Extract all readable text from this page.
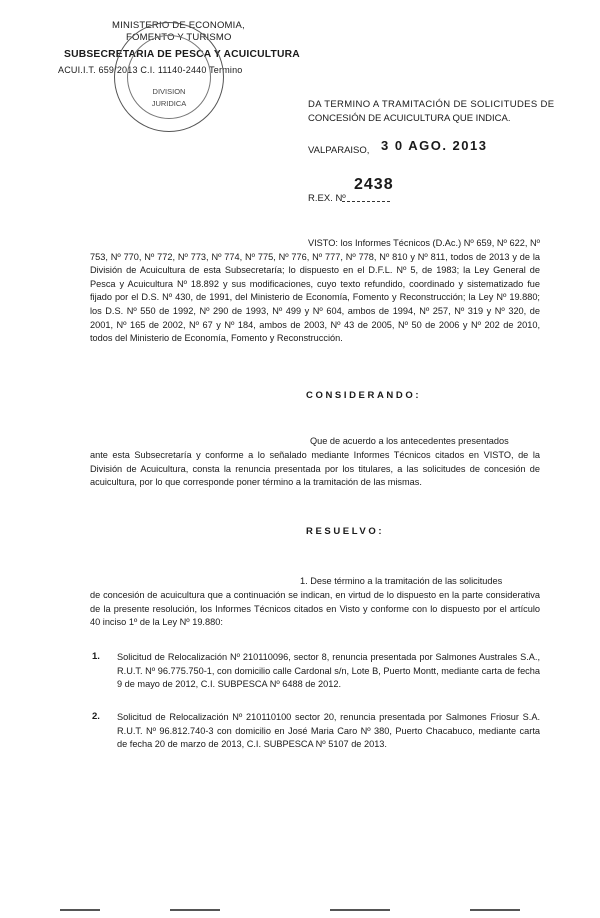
MINISTERIO DE ECONOMIA,
FOMENTO Y TURISMO
SUBSECRETARIA DE PESCA Y ACUICULTURA
ACUI.I.T. 659/2013 C.I. 11140-2440 Termino
DIVISION
JURIDICA	DA TERMINO A TRAMITACIÓN DE SOLICITUDES DE
CONCESIÓN DE ACUICULTURA QUE INDICA.
VALPARAISO, 3 0 AGO. 2013
R.EX. Nº
2438
VISTO: los Informes Técnicos (D.Ac.) Nº 659, Nº 622, Nº 753, Nº 770, Nº 772, Nº 773, Nº 774, Nº 775, Nº 776, Nº 777, Nº 778, Nº 810 y Nº 811, todos de 2013 y de la División de Acuicultura de esta Subsecretaría; lo dispuesto en el D.F.L. Nº 5, de 1983; la Ley General de Pesca y Acuicultura Nº 18.892 y sus modificaciones, cuyo texto refundido, coordinado y sistematizado fue fijado por el D.S. Nº 430, de 1991, del Ministerio de Economía, Fomento y Reconstrucción; la Ley Nº 19.880; los D.S. Nº 550 de 1992, Nº 290 de 1993, Nº 499 y Nº 604, ambos de 1994, Nº 257, Nº 319 y Nº 320, de 2001, Nº 165 de 2002, Nº 67 y Nº 184, ambos de 2003, Nº 43 de 2005, Nº 50 de 2006 y Nº 202 de 2010, todos del Ministerio de Economía, Fomento y Reconstrucción.
CONSIDERANDO:
Que de acuerdo a los antecedentes presentados
ante esta Subsecretaría y conforme a lo señalado mediante Informes Técnicos citados en VISTO, de la División de Acuicultura, consta la renuncia presentada por los titulares, a las solicitudes de concesión de acuicultura, por lo que corresponde poner término a la tramitación de las mismas.
RESUELVO:
1. Dese término a la tramitación de las solicitudes
de concesión de acuicultura que a continuación se indican, en virtud de lo dispuesto en la parte considerativa de la presente resolución, los Informes Técnicos citados en Visto y conforme con lo dispuesto por el artículo 40 inciso 1º de la Ley Nº 19.880:
1. Solicitud de Relocalización Nº 210110096, sector 8, renuncia presentada por Salmones Australes S.A., R.U.T. Nº 96.775.750-1, con domicilio calle Cardonal s/n, Lote B, Puerto Montt, mediante carta de fecha 9 de mayo de 2012, C.I. SUBPESCA Nº 6488 de 2012.
2. Solicitud de Relocalización Nº 210110100 sector 20, renuncia presentada por Salmones Friosur S.A. R.U.T. Nº 96.812.740-3 con domicilio en José Maria Caro Nº 380, Puerto Chacabuco, mediante carta de fecha 20 de marzo de 2013, C.I. SUBPESCA Nº 5107 de 2013.
